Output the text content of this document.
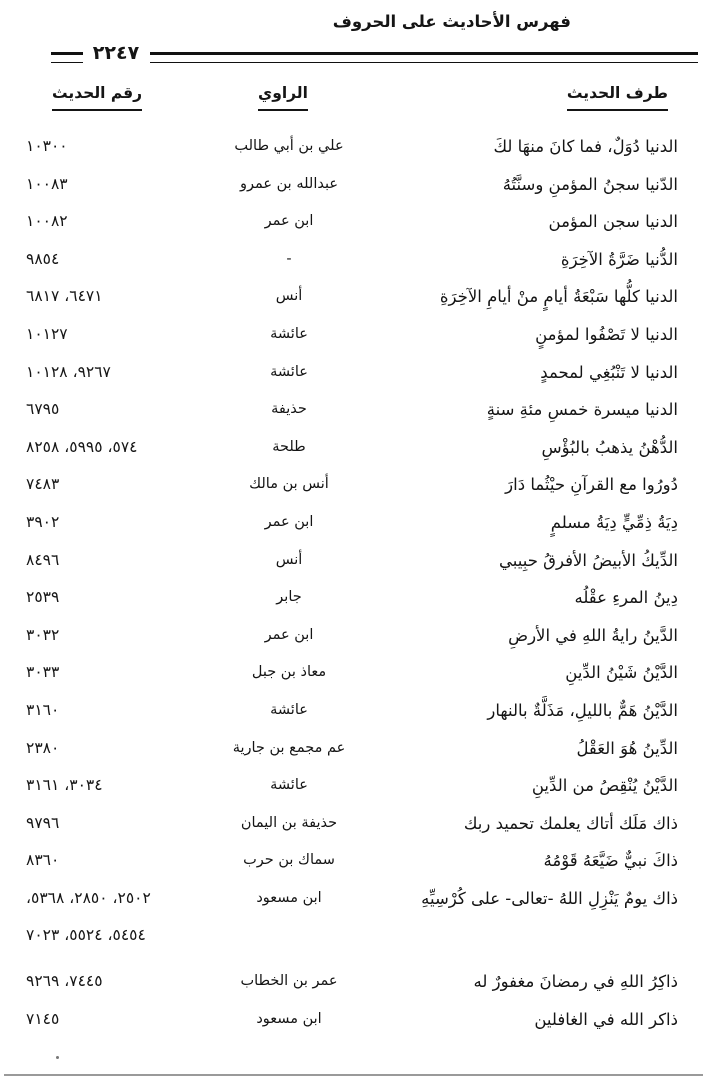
فهرس الأحاديث على الحروف
٢٢٤٧
رقم الحديث	الراوي	طرف الحديث
الدنيا دُوَلٌ، فما كانَ منهَا لكَ
علي بن أبي طالب
١٠٣٠٠
الدّنيا سجنُ المؤمنِ وسنَّتُهُ
عبدالله بن عمرو
١٠٠٨٣
الدنيا سجن المؤمن
ابن عمر
١٠٠٨٢
الدُّنيا ضَرَّةُ الآخِرَةِ
-
٩٨٥٤
الدنيا كلُّها سَبْعَةُ أيامٍ منْ أيامِ الآخِرَةِ
أنس
٦٤٧١، ٦٨١٧
الدنيا لا تَصْفُوا لمؤمنٍ
عائشة
١٠١٢٧
الدنيا لا تَنْبُغِي لمحمدٍ
عائشة
٩٢٦٧، ١٠١٢٨
الدنيا ميسرة خمسِ مئةِ سنةٍ
حذيفة
٦٧٩٥
الدُّهْنُ يذهبُ بالبُؤْسِ
طلحة
٥٧٤، ٥٩٩٥، ٨٢٥٨
دُورُوا مع القرآنِ حيْثُما دَارَ
أنس بن مالك
٧٤٨٣
دِيَةُ ذِمِّيٍّ دِيَةُ مسلمٍ
ابن عمر
٣٩٠٢
الدِّيكُ الأبيضُ الأفرقُ حبِيبي
أنس
٨٤٩٦
دِينُ المرءِ عقْلُه
جابر
٢٥٣٩
الدَّينُ رايةُ اللهِ في الأرضِ
ابن عمر
٣٠٣٢
الدَّيْنُ شَيْنُ الدِّينِ
معاذ بن جبل
٣٠٣٣
الدَّيْنُ هَمٌّ بالليلِ، مَذَلَّةٌ بالنهار
عائشة
٣١٦٠
الدِّينُ هُوَ العَقْلُ
عم مجمع بن جارية
٢٣٨٠
الدَّيْنُ يُنْقِصُ من الدِّينِ
عائشة
٣٠٣٤، ٣١٦١
ذاك مَلَك أتاك يعلمك تحميد ربك
حذيفة بن اليمان
٩٧٩٦
ذاكَ نبيٌّ ضَيَّعَهُ قَوْمُهُ
سماك بن حرب
٨٣٦٠
ذاك يومٌ يَنْزِلِ اللهُ -تعالى- على كُرْسِيِّهِ
ابن مسعود
٢٥٠٢، ٢٨٥٠، ٥٣٦٨،
٥٤٥٤، ٥٥٢٤، ٧٠٢٣
ذاكِرُ اللهِ في رمضانَ مغفورٌ له
عمر بن الخطاب
٧٤٤٥، ٩٢٦٩
ذاكر الله في الغافلين
ابن مسعود
٧١٤٥
